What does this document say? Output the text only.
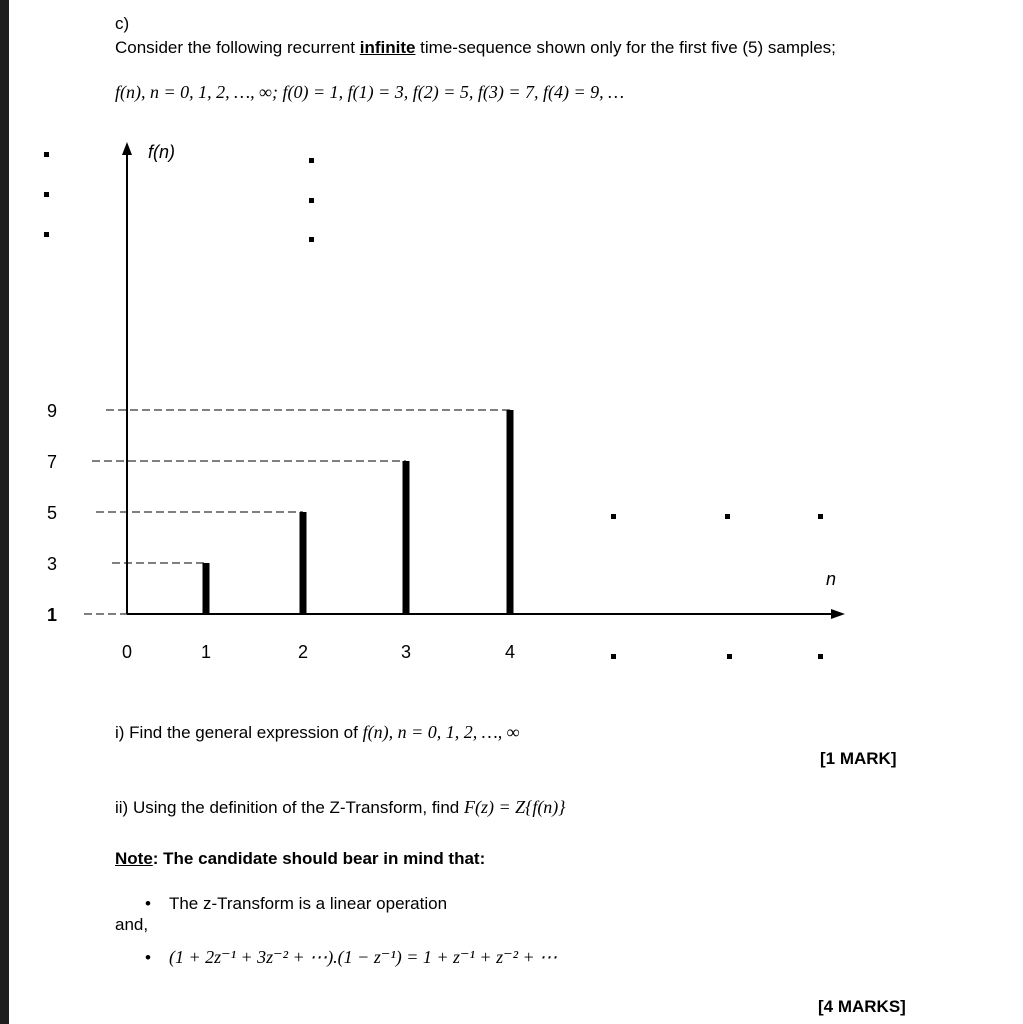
c)
Consider the following recurrent infinite time-sequence shown only for the first five (5) samples;
f(n), n = 0, 1, 2, …, ∞; f(0) = 1, f(1) = 3, f(2) = 5, f(3) = 7, f(4) = 9, …
f(n)
n
1
3
5
7
9
0	1	2	3	4
i) Find the general expression of f(n), n = 0, 1, 2, …, ∞
[1 MARK]
ii) Using the definition of the Z-Transform, find F(z) = Z{f(n)}
Note: The candidate should bear in mind that:
• The z-Transform is a linear operation
and,
• (1 + 2z⁻¹ + 3z⁻² + ⋯).(1 − z⁻¹) = 1 + z⁻¹ + z⁻² + ⋯
[4 MARKS]
